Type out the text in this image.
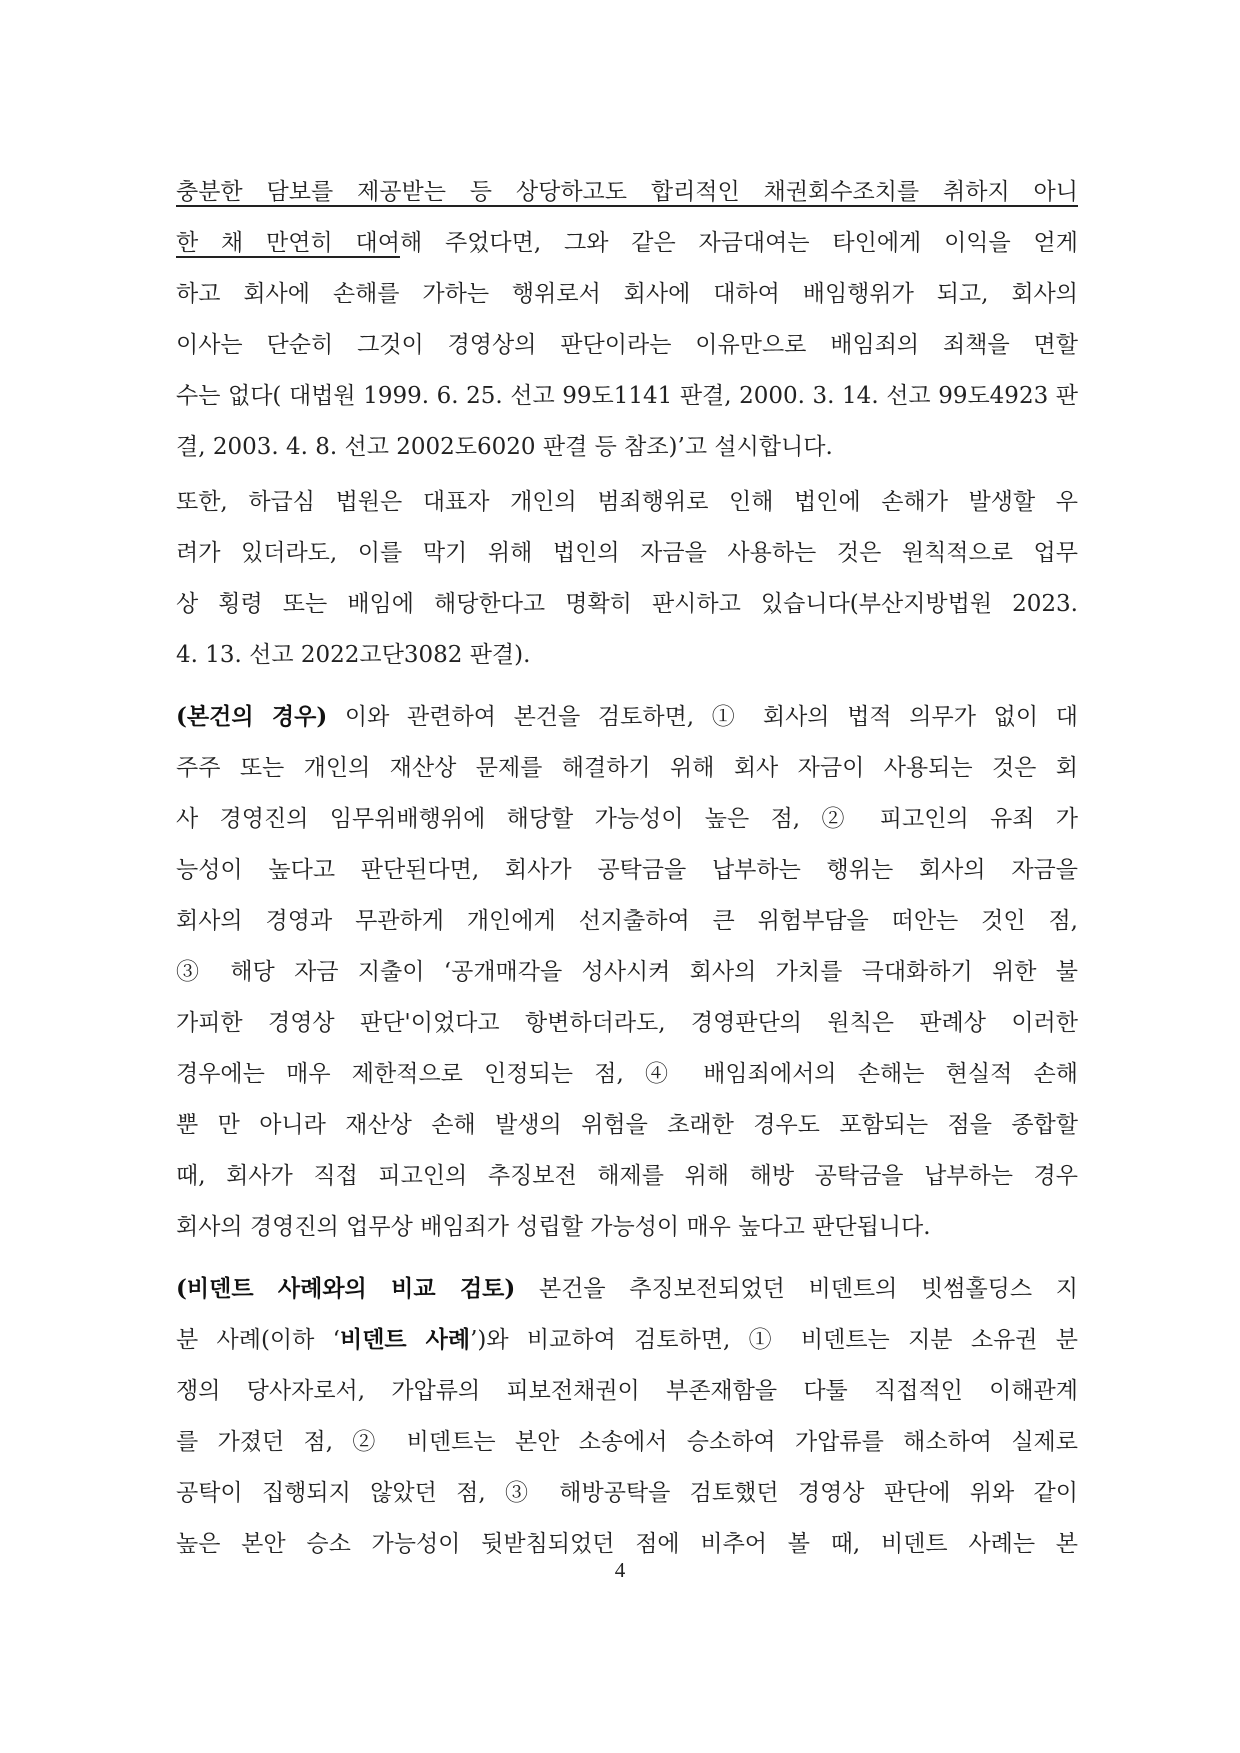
충분한 담보를 제공받는 등 상당하고도 합리적인 채권회수조치를 취하지 아니
한 채 만연히 대여해 주었다면, 그와 같은 자금대여는 타인에게 이익을 얻게
하고 회사에 손해를 가하는 행위로서 회사에 대하여 배임행위가 되고, 회사의
이사는 단순히 그것이 경영상의 판단이라는 이유만으로 배임죄의 죄책을 면할
수는 없다( 대법원 1999. 6. 25. 선고 99도1141 판결, 2000. 3. 14. 선고 99도4923 판
결, 2003. 4. 8. 선고 2002도6020 판결 등 참조)’고 설시합니다.
또한, 하급심 법원은 대표자 개인의 범죄행위로 인해 법인에 손해가 발생할 우
려가 있더라도, 이를 막기 위해 법인의 자금을 사용하는 것은 원칙적으로 업무
상 횡령 또는 배임에 해당한다고 명확히 판시하고 있습니다(부산지방법원 2023.
4. 13. 선고 2022고단3082 판결).
(본건의 경우) 이와 관련하여 본건을 검토하면, ① 회사의 법적 의무가 없이 대
주주 또는 개인의 재산상 문제를 해결하기 위해 회사 자금이 사용되는 것은 회
사 경영진의 임무위배행위에 해당할 가능성이 높은 점, ② 피고인의 유죄 가
능성이 높다고 판단된다면, 회사가 공탁금을 납부하는 행위는 회사의 자금을
회사의 경영과 무관하게 개인에게 선지출하여 큰 위험부담을 떠안는 것인 점,
③ 해당 자금 지출이 ‘공개매각을 성사시켜 회사의 가치를 극대화하기 위한 불
가피한 경영상 판단'이었다고 항변하더라도, 경영판단의 원칙은 판례상 이러한
경우에는 매우 제한적으로 인정되는 점, ④ 배임죄에서의 손해는 현실적 손해
뿐 만 아니라 재산상 손해 발생의 위험을 초래한 경우도 포함되는 점을 종합할
때, 회사가 직접 피고인의 추징보전 해제를 위해 해방 공탁금을 납부하는 경우
회사의 경영진의 업무상 배임죄가 성립할 가능성이 매우 높다고 판단됩니다.
(비덴트 사례와의 비교 검토) 본건을 추징보전되었던 비덴트의 빗썸홀딩스 지
분 사례(이하 ‘비덴트 사례’)와 비교하여 검토하면, ① 비덴트는 지분 소유권 분
쟁의 당사자로서, 가압류의 피보전채권이 부존재함을 다툴 직접적인 이해관계
를 가졌던 점, ② 비덴트는 본안 소송에서 승소하여 가압류를 해소하여 실제로
공탁이 집행되지 않았던 점, ③ 해방공탁을 검토했던 경영상 판단에 위와 같이
높은 본안 승소 가능성이 뒷받침되었던 점에 비추어 볼 때, 비덴트 사례는 본
4
